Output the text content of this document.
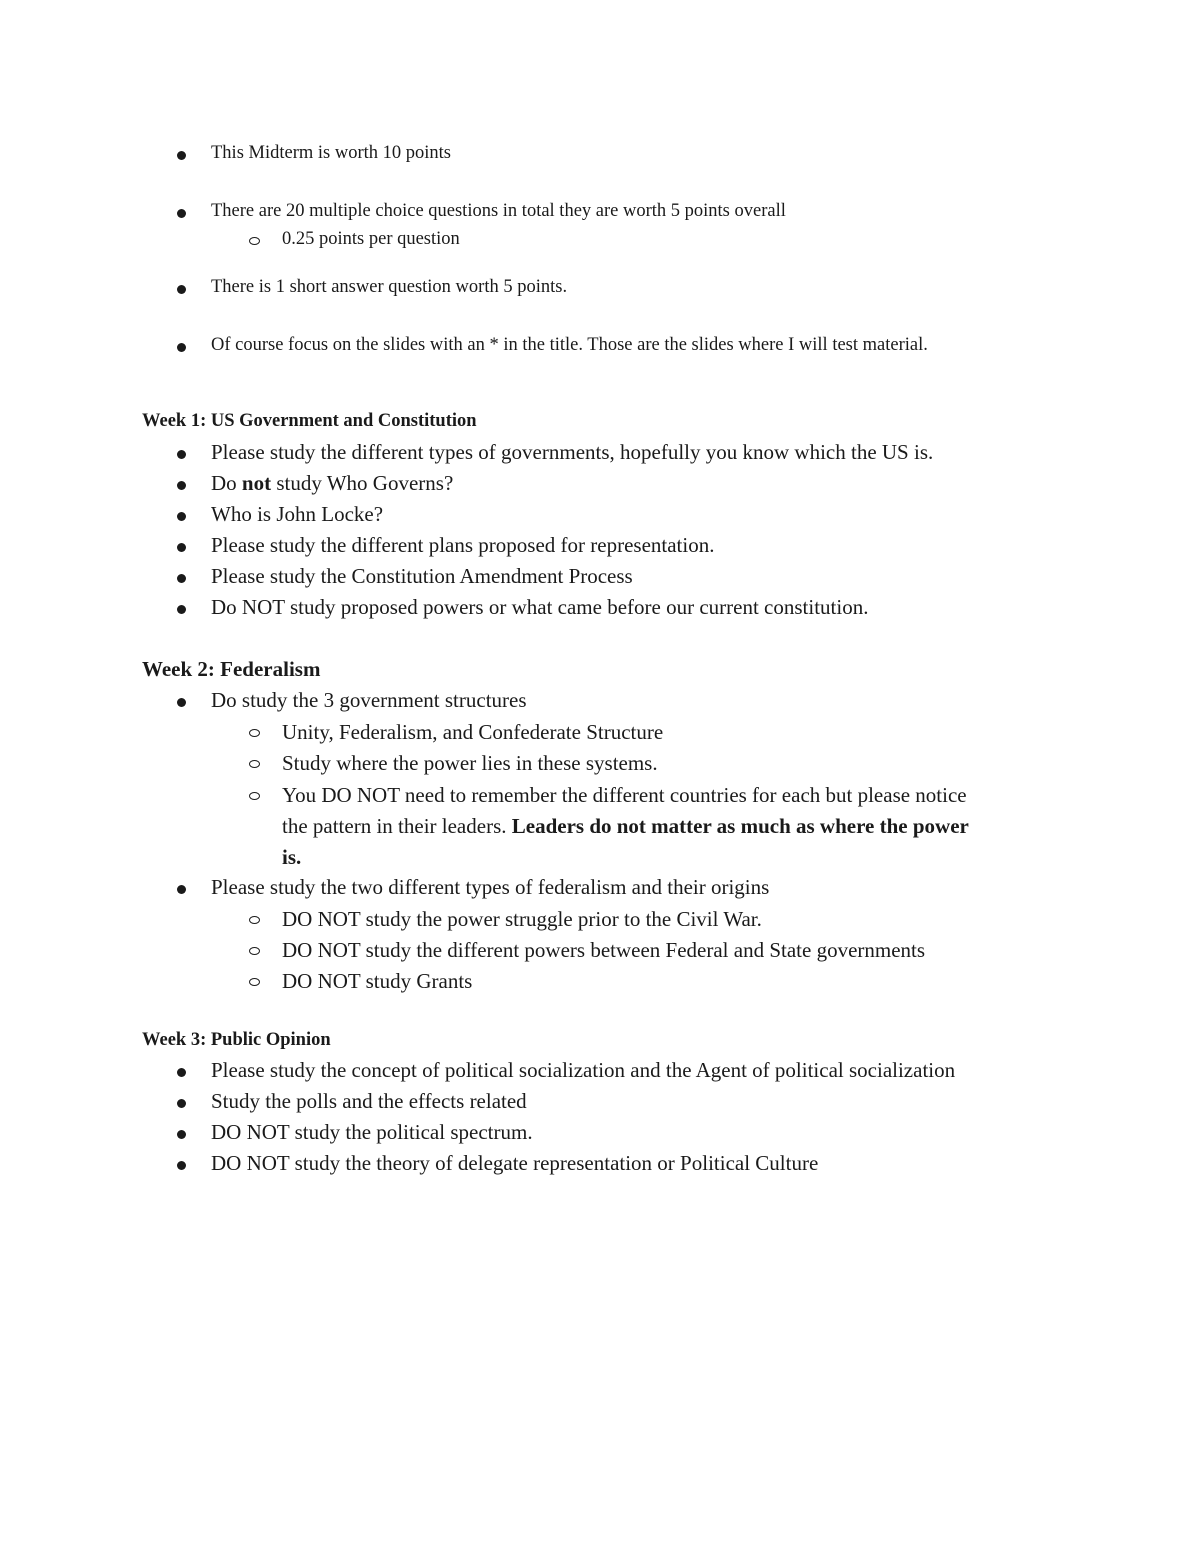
This Midterm is worth 10 points
There are 20 multiple choice questions in total they are worth 5 points overall
0.25 points per question
There is 1 short answer question worth 5 points.
Of course focus on the slides with an * in the title. Those are the slides where I will test material.
Week 1: US Government and Constitution
Please study the different types of governments, hopefully you know which the US is.
Do not study Who Governs?
Who is John Locke?
Please study the different plans proposed for representation.
Please study the Constitution Amendment Process
Do NOT study proposed powers or what came before our current constitution.
Week 2: Federalism
Do study the 3 government structures
Unity, Federalism, and Confederate Structure
Study where the power lies in these systems.
You DO NOT need to remember the different countries for each but please notice
the pattern in their leaders. Leaders do not matter as much as where the power
is.
Please study the two different types of federalism and their origins
DO NOT study the power struggle prior to the Civil War.
DO NOT study the different powers between Federal and State governments
DO NOT study Grants
Week 3: Public Opinion
Please study the concept of political socialization and the Agent of political socialization
Study the polls and the effects related
DO NOT study the political spectrum.
DO NOT study the theory of delegate representation or Political Culture
